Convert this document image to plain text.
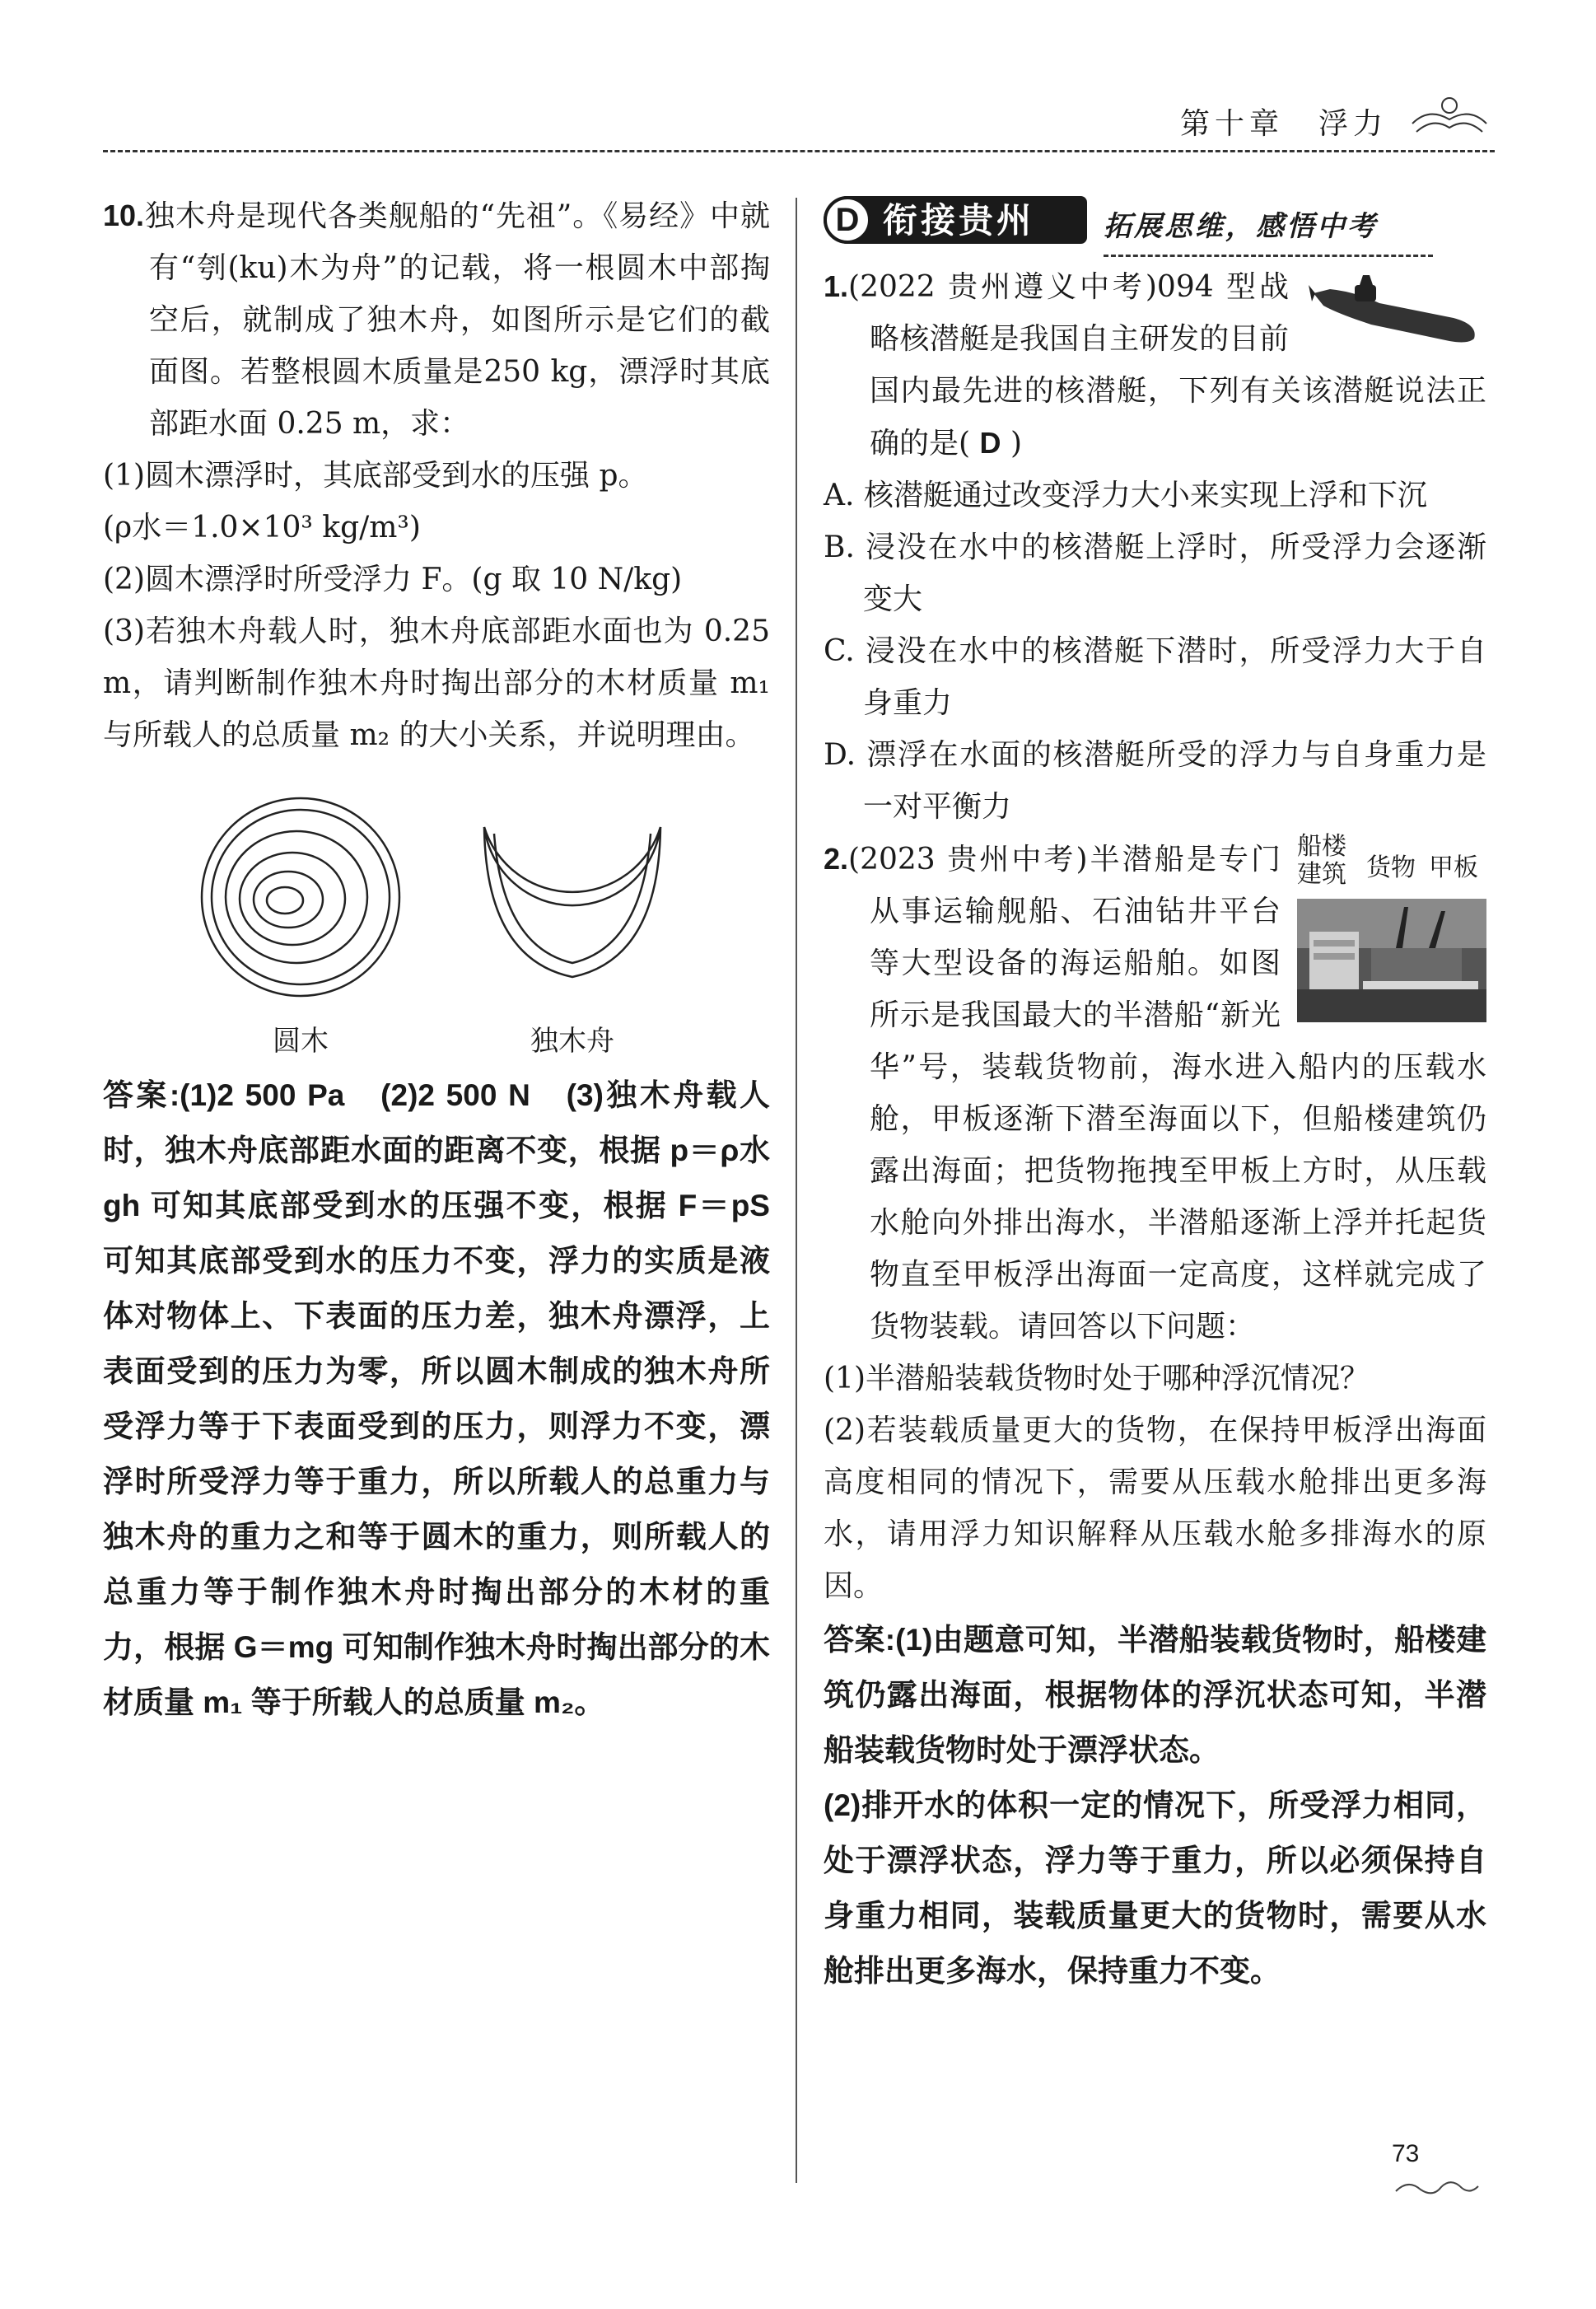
第十章　浮力

10.独木舟是现代各类舰船的“先祖”。《易经》中就有“刳(ku)木为舟”的记载，将一根圆木中部掏空后，就制成了独木舟，如图所示是它们的截面图。若整根圆木质量是250 kg，漂浮时其底部距水面 0.25 m，求：

(1)圆木漂浮时，其底部受到水的压强 p。

(ρ水＝1.0×10³ kg/m³)

(2)圆木漂浮时所受浮力 F。(g 取 10 N/kg)

(3)若独木舟载人时，独木舟底部距水面也为 0.25 m，请判断制作独木舟时掏出部分的木材质量 m₁ 与所载人的总质量 m₂ 的大小关系，并说明理由。

圆木	独木舟

答案:(1)2 500 Pa　(2)2 500 N　(3)独木舟载人时，独木舟底部距水面的距离不变，根据 p＝ρ水gh 可知其底部受到水的压强不变，根据 F＝pS 可知其底部受到水的压力不变，浮力的实质是液体对物体上、下表面的压力差，独木舟漂浮，上表面受到的压力为零，所以圆木制成的独木舟所受浮力等于下表面受到的压力，则浮力不变，漂浮时所受浮力等于重力，所以所载人的总重力与独木舟的重力之和等于圆木的重力，则所载人的总重力等于制作独木舟时掏出部分的木材的重力，根据 G＝mg 可知制作独木舟时掏出部分的木材质量 m₁ 等于所载人的总质量 m₂。

D 衔接贵州 拓展思维，感悟中考

1.(2022 贵州遵义中考)094 型战略核潜艇是我国自主研发的目前国内最先进的核潜艇，下列有关该潜艇说法正确的是( D )

A. 核潜艇通过改变浮力大小来实现上浮和下沉

B. 浸没在水中的核潜艇上浮时，所受浮力会逐渐变大

C. 浸没在水中的核潜艇下潜时，所受浮力大于自身重力

D. 漂浮在水面的核潜艇所受的浮力与自身重力是一对平衡力

船楼
建筑 货物 甲板

2.(2023 贵州中考)半潜船是专门从事运输舰船、石油钻井平台等大型设备的海运船舶。如图所示是我国最大的半潜船“新光华”号，装载货物前，海水进入船内的压载水舱，甲板逐渐下潜至海面以下，但船楼建筑仍露出海面；把货物拖拽至甲板上方时，从压载水舱向外排出海水，半潜船逐渐上浮并托起货物直至甲板浮出海面一定高度，这样就完成了货物装载。请回答以下问题：

(1)半潜船装载货物时处于哪种浮沉情况？

(2)若装载质量更大的货物，在保持甲板浮出海面高度相同的情况下，需要从压载水舱排出更多海水，请用浮力知识解释从压载水舱多排海水的原因。

答案:(1)由题意可知，半潜船装载货物时，船楼建筑仍露出海面，根据物体的浮沉状态可知，半潜船装载货物时处于漂浮状态。

(2)排开水的体积一定的情况下，所受浮力相同，处于漂浮状态，浮力等于重力，所以必须保持自身重力相同，装载质量更大的货物时，需要从水舱排出更多海水，保持重力不变。

73
